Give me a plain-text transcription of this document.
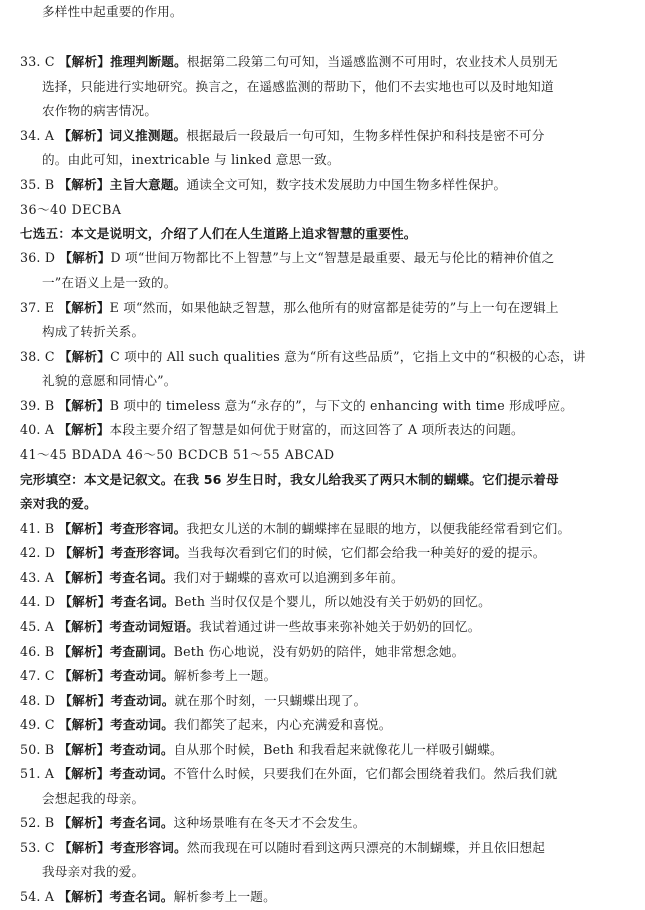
多样性中起重要的作用。
33. C 【解析】推理判断题。根据第二段第二句可知，当遥感监测不可用时，农业技术人员别无
选择，只能进行实地研究。换言之，在遥感监测的帮助下，他们不去实地也可以及时地知道
农作物的病害情况。
34. A 【解析】词义推测题。根据最后一段最后一句可知，生物多样性保护和科技是密不可分
的。由此可知，inextricable 与 linked 意思一致。
35. B 【解析】主旨大意题。通读全文可知，数字技术发展助力中国生物多样性保护。
36～40 DECBA
七选五：本文是说明文，介绍了人们在人生道路上追求智慧的重要性。
36. D 【解析】D 项“世间万物都比不上智慧”与上文“智慧是最重要、最无与伦比的精神价值之
一”在语义上是一致的。
37. E 【解析】E 项“然而，如果他缺乏智慧，那么他所有的财富都是徒劳的”与上一句在逻辑上
构成了转折关系。
38. C 【解析】C 项中的 All such qualities 意为“所有这些品质”，它指上文中的“积极的心态，讲
礼貌的意愿和同情心”。
39. B 【解析】B 项中的 timeless 意为“永存的”，与下文的 enhancing with time 形成呼应。
40. A 【解析】本段主要介绍了智慧是如何优于财富的，而这回答了 A 项所表达的问题。
41～45 BDADA 46～50 BCDCB 51～55 ABCAD
完形填空：本文是记叙文。在我 56 岁生日时，我女儿给我买了两只木制的蝴蝶。它们提示着母
亲对我的爱。
41. B 【解析】考查形容词。我把女儿送的木制的蝴蝶摔在显眼的地方，以便我能经常看到它们。
42. D 【解析】考查形容词。当我每次看到它们的时候，它们都会给我一种美好的爱的提示。
43. A 【解析】考查名词。我们对于蝴蝶的喜欢可以追溯到多年前。
44. D 【解析】考查名词。Beth 当时仅仅是个婴儿，所以她没有关于奶奶的回忆。
45. A 【解析】考查动词短语。我试着通过讲一些故事来弥补她关于奶奶的回忆。
46. B 【解析】考查副词。Beth 伤心地说，没有奶奶的陪伴，她非常想念她。
47. C 【解析】考查动词。解析参考上一题。
48. D 【解析】考查动词。就在那个时刻，一只蝴蝶出现了。
49. C 【解析】考查动词。我们都笑了起来，内心充满爱和喜悦。
50. B 【解析】考查动词。自从那个时候，Beth 和我看起来就像花儿一样吸引蝴蝶。
51. A 【解析】考查动词。不管什么时候，只要我们在外面，它们都会围绕着我们。然后我们就
会想起我的母亲。
52. B 【解析】考查名词。这种场景唯有在冬天才不会发生。
53. C 【解析】考查形容词。然而我现在可以随时看到这两只漂亮的木制蝴蝶，并且依旧想起
我母亲对我的爱。
54. A 【解析】考查名词。解析参考上一题。
